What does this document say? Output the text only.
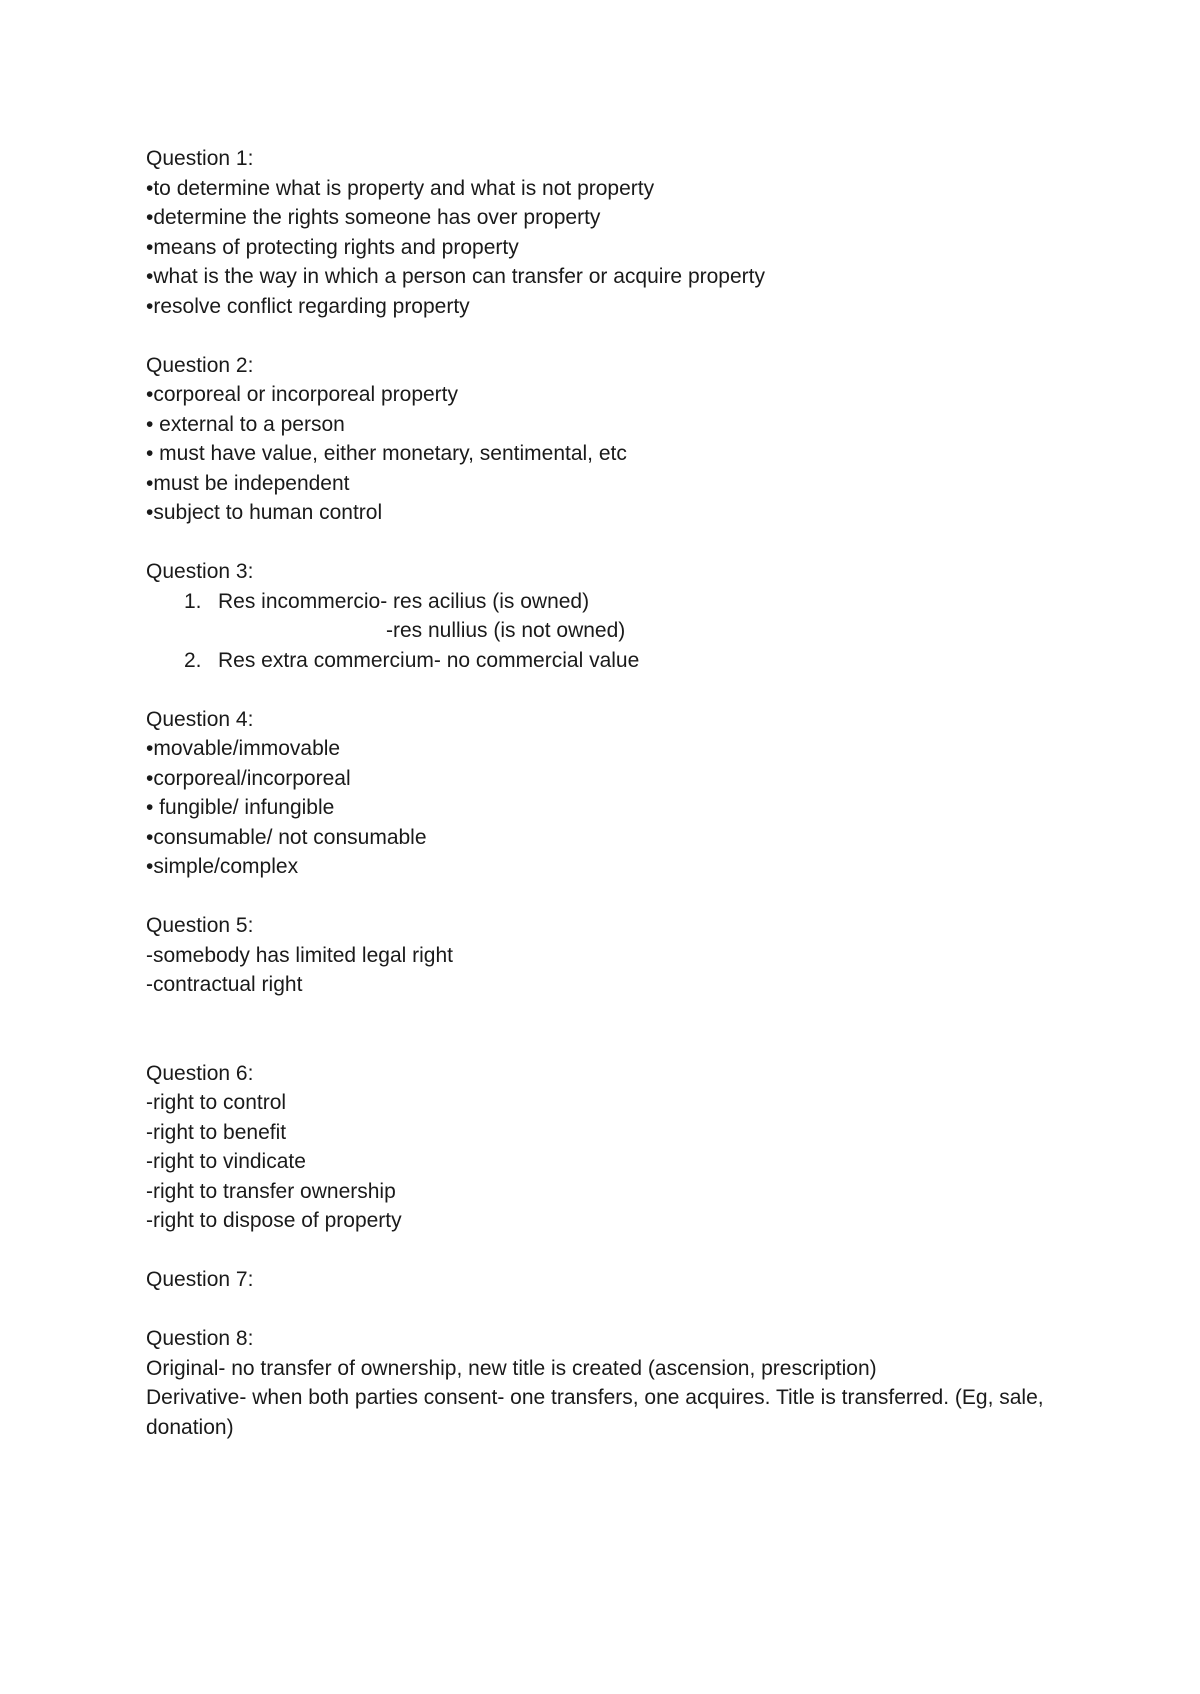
Question 1:
•to determine what is property and what is not property
•determine the rights someone has over property
•means of protecting rights and property
•what is the way in which a person can transfer or acquire property
•resolve conflict regarding property
Question 2:
•corporeal or incorporeal property
• external to a person
• must have value, either monetary, sentimental, etc
•must be independent
•subject to human control
Question 3:
1. Res incommercio- res acilius (is owned)
-res nullius (is not owned)
2. Res extra commercium- no commercial value
Question 4:
•movable/immovable
•corporeal/incorporeal
• fungible/ infungible
•consumable/ not consumable
•simple/complex
Question 5:
-somebody has limited legal right
-contractual right
Question 6:
-right to control
-right to benefit
-right to vindicate
-right to transfer ownership
-right to dispose of property
Question 7:
Question 8:
Original- no transfer of ownership, new title is created (ascension, prescription)
Derivative- when both parties consent- one transfers, one acquires. Title is transferred. (Eg, sale, donation)
